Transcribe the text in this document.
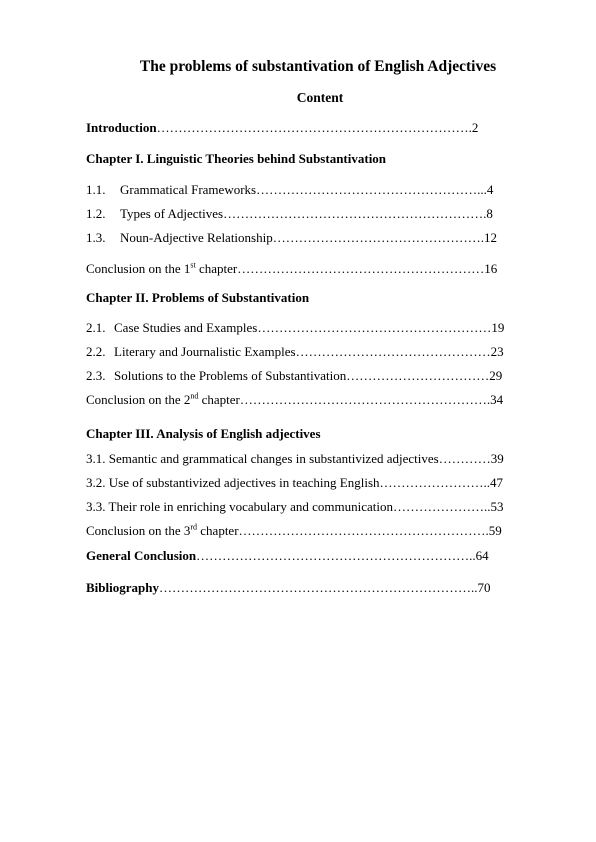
The problems of substantivation of English Adjectives
Content
Introduction……………………………………………………………….2
Chapter I. Linguistic Theories behind Substantivation
1.1. Grammatical Frameworks……………………………………………...4
1.2. Types of Adjectives…………………………………………………….8
1.3. Noun-Adjective Relationship………………………………………….12
Conclusion on the 1st chapter…………………………………………………16
Chapter II. Problems of Substantivation
2.1. Case Studies and Examples………………………………………………19
2.2. Literary and Journalistic Examples………………………………………23
2.3. Solutions to the Problems of Substantivation……………………………29
Conclusion on the 2nd chapter………………………………………………….34
Chapter III. Analysis of English adjectives
3.1. Semantic and grammatical changes in substantivized adjectives…………39
3.2. Use of substantivized adjectives in teaching English……………………..47
3.3. Their role in enriching vocabulary and communication…………………..53
Conclusion on the 3rd chapter………………………………………………….59
General Conclusion………………………………………………………..64
Bibliography………………………………………………………………..70
